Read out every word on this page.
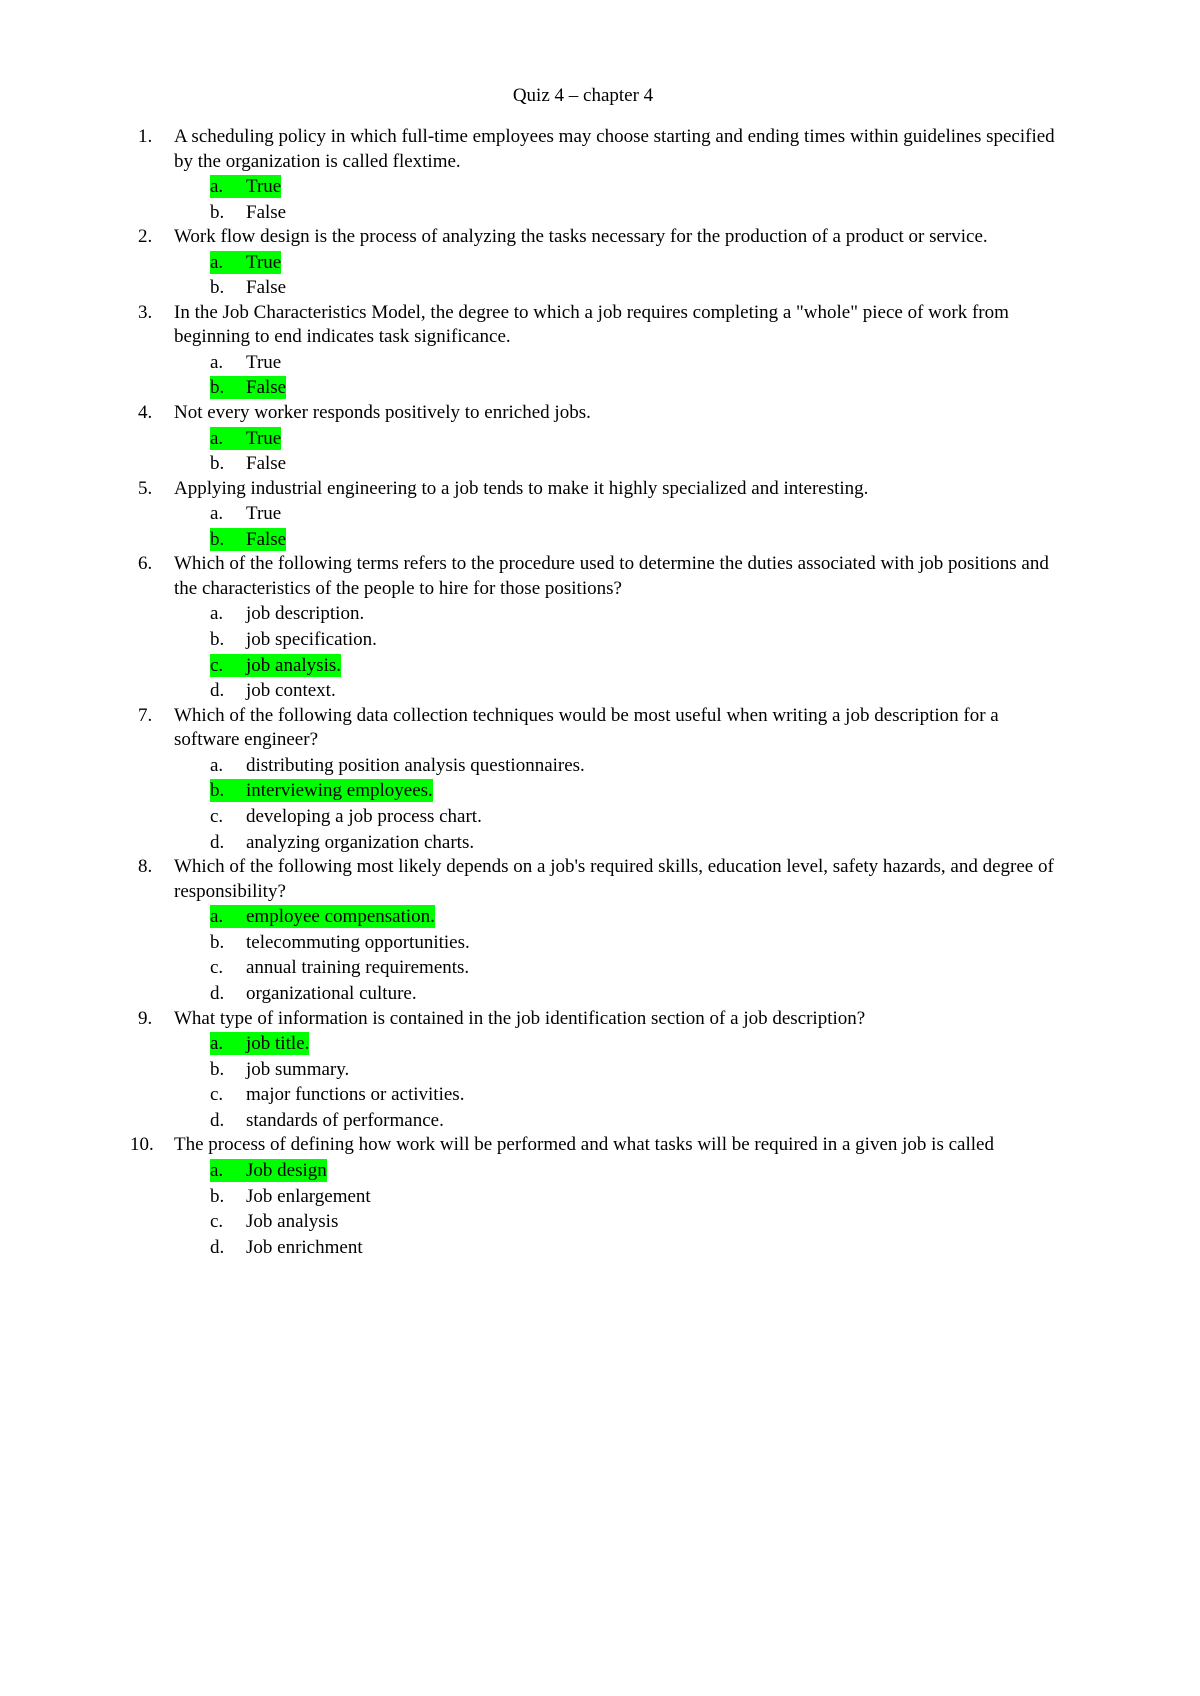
Quiz 4 – chapter 4
1.	A scheduling policy in which full-time employees may choose starting and ending times within guidelines specified by the organization is called flextime.
a. True
b. False
2.	Work flow design is the process of analyzing the tasks necessary for the production of a product or service.
a. True
b. False
3.	In the Job Characteristics Model, the degree to which a job requires completing a "whole" piece of work from beginning to end indicates task significance.
a. True
b. False
4.	Not every worker responds positively to enriched jobs.
a. True
b. False
5.	Applying industrial engineering to a job tends to make it highly specialized and interesting.
a. True
b. False
6.	Which of the following terms refers to the procedure used to determine the duties associated with job positions and the characteristics of the people to hire for those positions?
a. job description.
b. job specification.
c. job analysis.
d. job context.
7.	Which of the following data collection techniques would be most useful when writing a job description for a software engineer?
a. distributing position analysis questionnaires.
b. interviewing employees.
c. developing a job process chart.
d. analyzing organization charts.
8.	Which of the following most likely depends on a job's required skills, education level, safety hazards, and degree of responsibility?
a. employee compensation.
b. telecommuting opportunities.
c. annual training requirements.
d. organizational culture.
9.	What type of information is contained in the job identification section of a job description?
a. job title.
b. job summary.
c. major functions or activities.
d. standards of performance.
10.	The process of defining how work will be performed and what tasks will be required in a given job is called
a. Job design
b. Job enlargement
c. Job analysis
d. Job enrichment
